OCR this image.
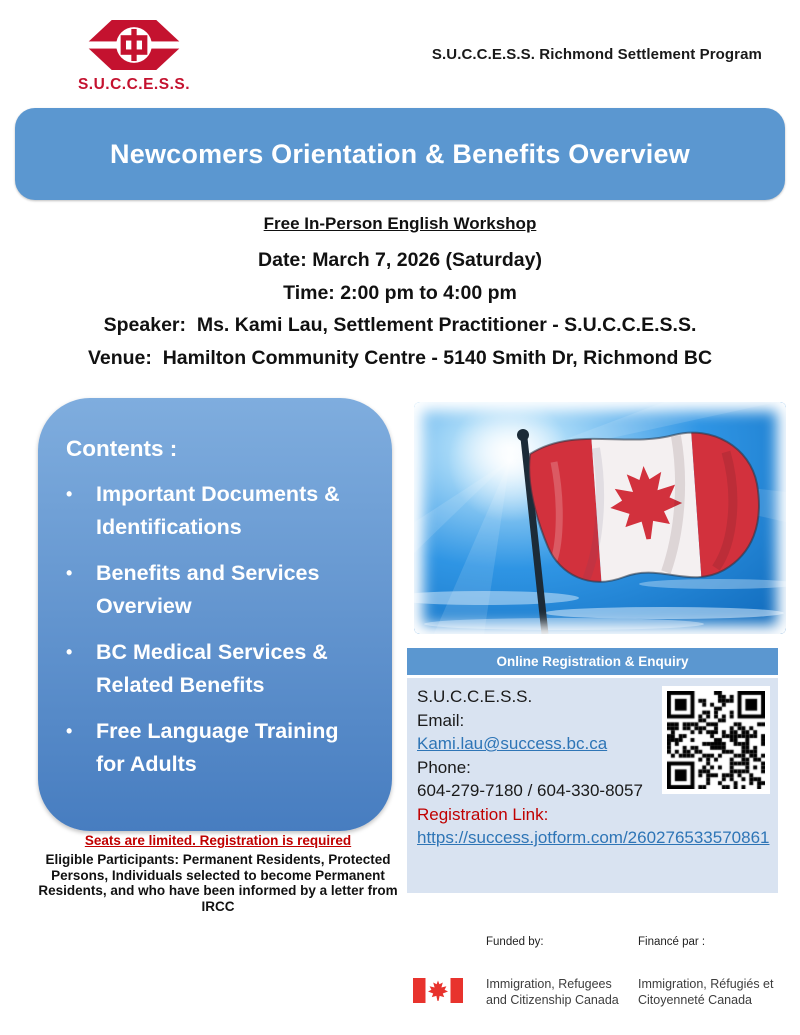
S.U.C.C.E.S.S.
S.U.C.C.E.S.S. Richmond Settlement Program
Newcomers Orientation & Benefits Overview
Free In-Person English Workshop
Date: March 7, 2026 (Saturday)
Time: 2:00 pm to 4:00 pm
Speaker:  Ms. Kami Lau, Settlement Practitioner - S.U.C.C.E.S.S.
Venue:  Hamilton Community Centre - 5140 Smith Dr, Richmond BC
Contents :
•	Important Documents & Identifications
•	Benefits and Services Overview
•	BC Medical Services & Related Benefits
•	Free Language Training for Adults
Online Registration & Enquiry
S.U.C.C.E.S.S.
Email:
Kami.lau@success.bc.ca
Phone:
604-279-7180 / 604-330-8057
Registration Link:
https://success.jotform.com/260276533570861
Seats are limited. Registration is required
Eligible Participants: Permanent Residents, Protected Persons, Individuals selected to become Permanent Residents, and who have been informed by a letter from IRCC
Funded by:	Financé par :
Immigration, Refugees and Citizenship Canada
Immigration, Réfugiés et Citoyenneté Canada
